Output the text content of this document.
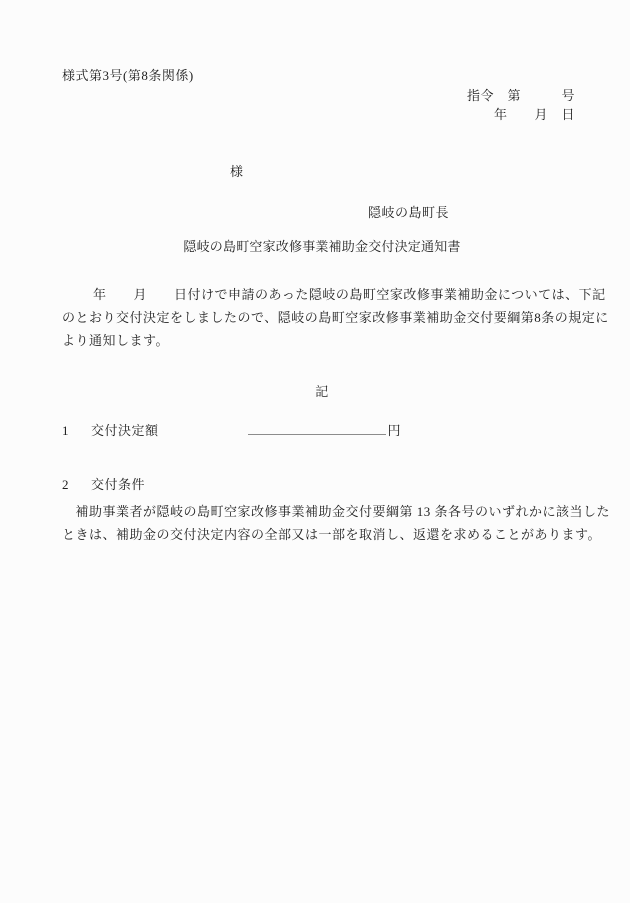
様式第3号(第8条関係)
指令　第　　　号
年　　月　日
様
隠岐の島町長
隠岐の島町空家改修事業補助金交付決定通知書
年　　月　　日付けで申請のあった隠岐の島町空家改修事業補助金については、下記
のとおり交付決定をしましたので、隠岐の島町空家改修事業補助金交付要綱第8条の規定に
より通知します。
記
1 交付決定額	円
2 交付条件
　補助事業者が隠岐の島町空家改修事業補助金交付要綱第 13 条各号のいずれかに該当した
ときは、補助金の交付決定内容の全部又は一部を取消し、返還を求めることがあります。
